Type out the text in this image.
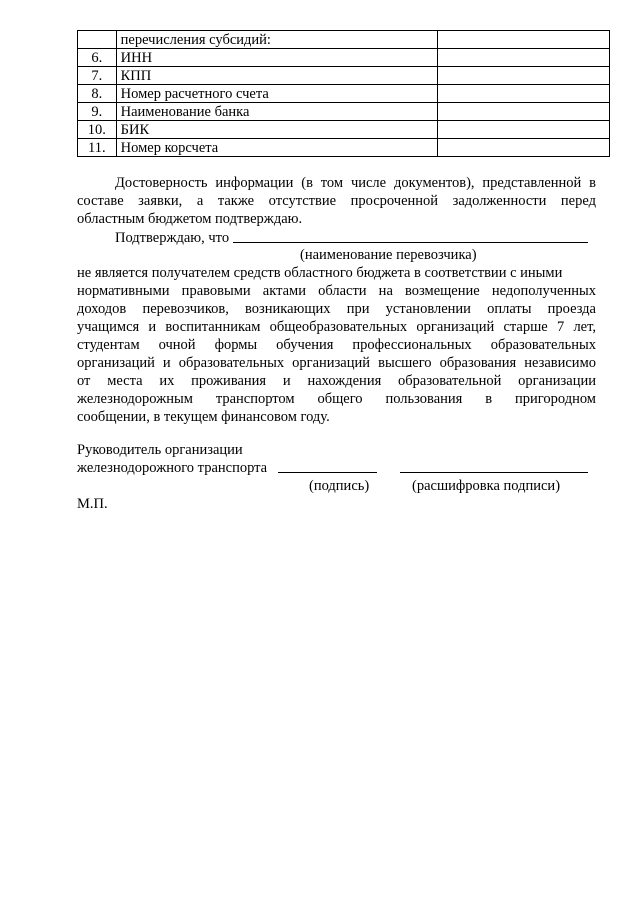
	перечисления субсидий:	
6.	ИНН	
7.	КПП	
8.	Номер расчетного счета	
9.	Наименование банка	
10.	БИК	
11.	Номер корсчета	
Достоверность информации (в том числе документов), представленной в
составе заявки, а также отсутствие просроченной задолженности перед
областным бюджетом подтверждаю.
Подтверждаю, что
(наименование перевозчика)
не является получателем средств областного бюджета в соответствии с иными
нормативными правовыми актами области на возмещение недополученных
доходов перевозчиков, возникающих при установлении оплаты проезда
учащимся и воспитанникам общеобразовательных организаций старше 7 лет,
студентам очной формы обучения профессиональных образовательных
организаций и образовательных организаций высшего образования независимо
от места их проживания и нахождения образовательной организации
железнодорожным транспортом общего пользования в пригородном
сообщении, в текущем финансовом году.
Руководитель организации
железнодорожного транспорта
(подпись)	(расшифровка подписи)
М.П.
